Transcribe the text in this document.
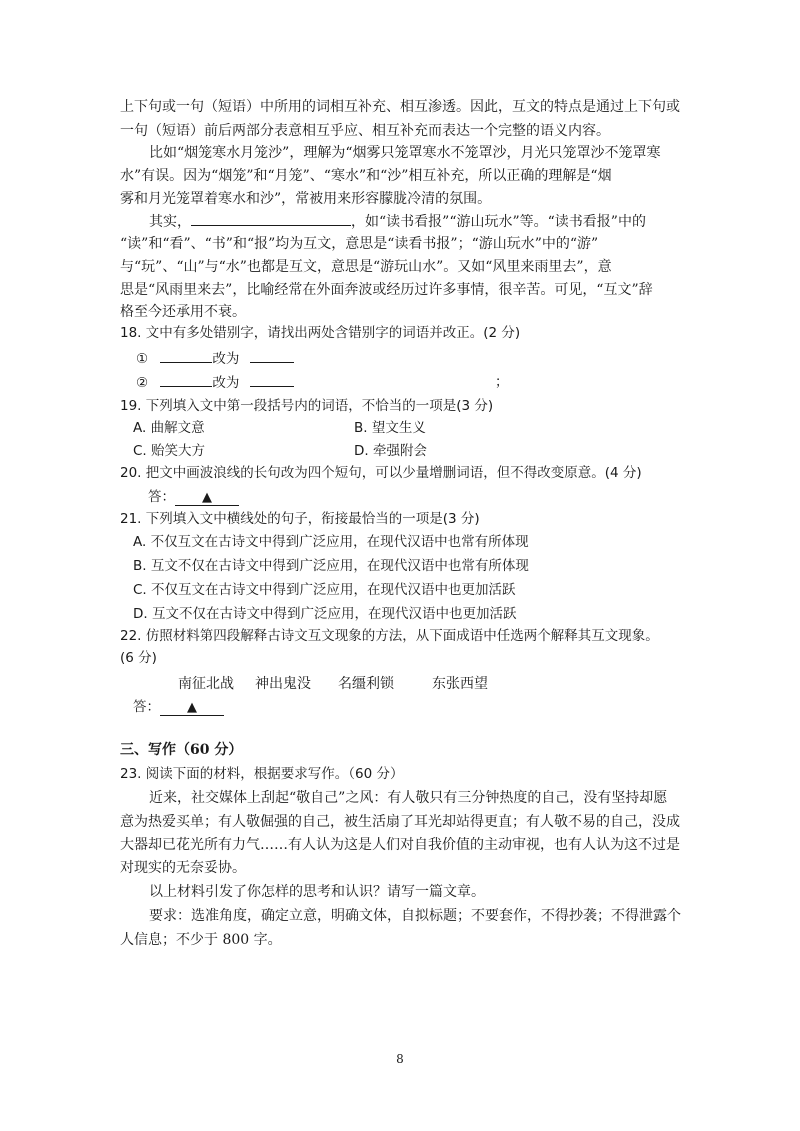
上下句或一句（短语）中所用的词相互补充、相互渗透。因此，互文的特点是通过上下句或
一句（短语）前后两部分表意相互乎应、相互补充而表达一个完整的语义内容。
比如“烟笼寒水月笼沙”，理解为“烟雾只笼罩寒水不笼罩沙，月光只笼罩沙不笼罩寒
水”有误。因为“烟笼”和“月笼”、“寒水”和“沙”相互补充，所以正确的理解是“烟
雾和月光笼罩着寒水和沙”，常被用来形容朦胧冷清的氛围。
其实，	，如“读书看报”“游山玩水”等。“读书看报”中的
“读”和“看”、“书”和“报”均为互文，意思是“读看书报”；“游山玩水”中的“游”
与“玩”、“山”与“水”也都是互文，意思是“游玩山水”。又如“风里来雨里去”，意
思是“风雨里来去”，比喻经常在外面奔波或经历过许多事情，很辛苦。可见，“互文”辞
格至今还承用不衰。
18. 文中有多处错别字，请找出两处含错别字的词语并改正。(2 分)
①	改为
②	改为	；
19. 下列填入文中第一段括号内的词语，不恰当的一项是(3 分)
A. 曲解文意	B. 望文生义
C. 贻笑大方	D. 牵强附会
20. 把文中画波浪线的长句改为四个短句，可以少量增删词语，但不得改变原意。(4 分)
答： ▲
21. 下列填入文中横线处的句子，衔接最恰当的一项是(3 分)
A. 不仅互文在古诗文中得到广泛应用，在现代汉语中也常有所体现
B. 互文不仅在古诗文中得到广泛应用，在现代汉语中也常有所体现
C. 不仅互文在古诗文中得到广泛应用，在现代汉语中也更加活跃
D. 互文不仅在古诗文中得到广泛应用，在现代汉语中也更加活跃
22. 仿照材料第四段解释古诗文互文现象的方法，从下面成语中任选两个解释其互文现象。
(6 分)
南征北战 神出鬼没 名缰利锁	东张西望
答： ▲
三、写作（60 分）
23. 阅读下面的材料，根据要求写作。（60 分）
近来，社交媒体上刮起“敬自己”之风：有人敬只有三分钟热度的自己，没有坚持却愿
意为热爱买单；有人敬倔强的自己，被生活扇了耳光却站得更直；有人敬不易的自己，没成
大器却已花光所有力气……有人认为这是人们对自我价值的主动审视，也有人认为这不过是
对现实的无奈妥协。
以上材料引发了你怎样的思考和认识？请写一篇文章。
要求：选准角度，确定立意，明确文体，自拟标题；不要套作，不得抄袭；不得泄露个
人信息；不少于 800 字。
8
